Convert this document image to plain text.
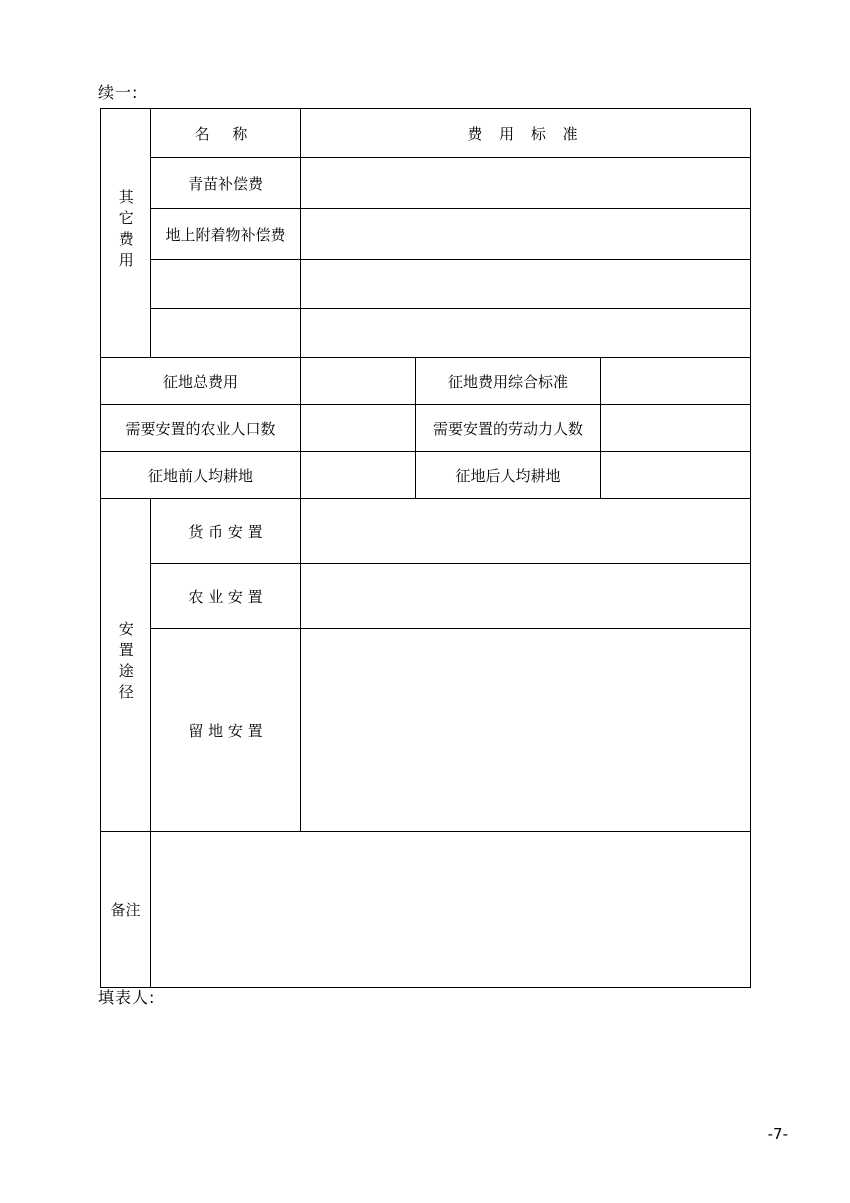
续一:
其它费用	名 称	费 用 标 准		
	青苗补偿费			
	地上附着物补偿费			

征地总费用			征地费用综合标准	
需要安置的农业人口数			需要安置的劳动力人数	
征地前人均耕地			征地后人均耕地	
安置途径	货 币 安 置			
	农 业 安 置			
	留 地 安 置			
备注				
填表人:
-7-
